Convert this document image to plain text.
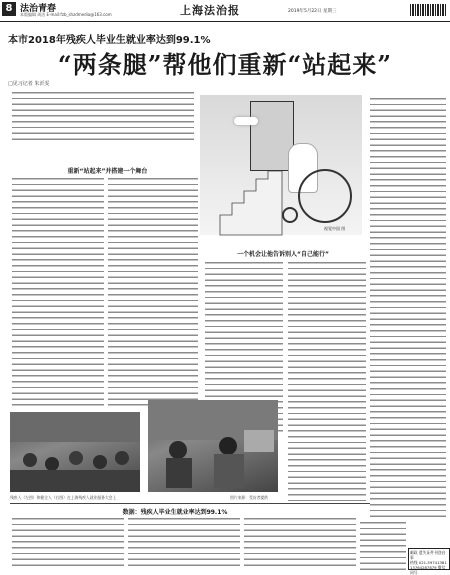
8 法治青春
本版编辑 周洁 E-mail:fzb_shzdmedia@163.com	上海法治报	2019年5月22日 星期三
本市2018年残疾人毕业生就业率达到99.1%
“两条腿”帮他们重新“站起来”
□见习记者 朱沂雯
视觉中国 图
重新“站起来”并搭建一个舞台
一个机会让他告诉别人“自己能行”
残疾人（左图）和健全人（右图）在上海残疾人就业服务大会上	图片来源：受访者提供
数据：残疾人毕业生就业率达到99.1%
邮政 遗失证件刊登启事
热线 021-59741381
13764287879 微信同号
